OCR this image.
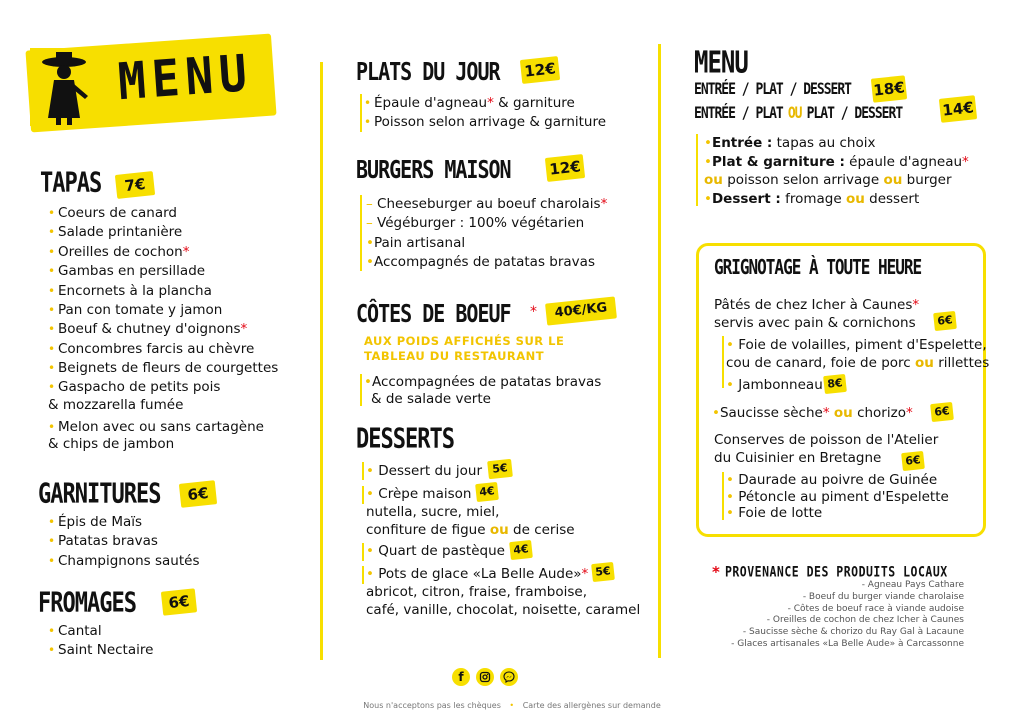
MENU
TAPAS	7€
• Coeurs de canard
• Salade printanière
• Oreilles de cochon*
• Gambas en persillade
• Encornets à la plancha
• Pan con tomate y jamon
• Boeuf & chutney d'oignons*
• Concombres farcis au chèvre
• Beignets de fleurs de courgettes
• Gaspacho de petits pois
& mozzarella fumée
• Melon avec ou sans cartagène
& chips de jambon
GARNITURES	6€
• Épis de Maïs
• Patatas bravas
• Champignons sautés
FROMAGES	6€
• Cantal
• Saint Nectaire
PLATS DU JOUR 12€
• Épaule d'agneau* & garniture
• Poisson selon arrivage & garniture
BURGERS MAISON	12€
– Cheeseburger au boeuf charolais*
– Végéburger : 100% végétarien
•Pain artisanal
•Accompagnés de patatas bravas
CÔTES DE BOEUF *	40€/KG
AUX POIDS AFFICHÉS SUR LE
TABLEAU DU RESTAURANT
•Accompagnées de patatas bravas
& de salade verte
DESSERTS
• Dessert du jour 5€
• Crèpe maison 4€
nutella, sucre, miel,
confiture de figue ou de cerise
• Quart de pastèque 4€
• Pots de glace «La Belle Aude»* 5€
abricot, citron, fraise, framboise,
café, vanille, chocolat, noisette, caramel
MENU
ENTRÉE / PLAT / DESSERT 18€
ENTRÉE / PLAT OU PLAT / DESSERT	14€
•Entrée : tapas au choix
•Plat & garniture : épaule d'agneau*
ou poisson selon arrivage ou burger
•Dessert : fromage ou dessert
GRIGNOTAGE À TOUTE HEURE
Pâtés de chez Icher à Caunes*
servis avec pain & cornichons	6€
• Foie de volailles, piment d'Espelette,
cou de canard, foie de porc ou rillettes
• Jambonneau 8€
•Saucisse sèche* ou chorizo*	6€
Conserves de poisson de l'Atelier
du Cuisinier en Bretagne	6€
• Daurade au poivre de Guinée
• Pétoncle au piment d'Espelette
• Foie de lotte
* PROVENANCE DES PRODUITS LOCAUX
- Agneau Pays Cathare
- Boeuf du burger viande charolaise
- Côtes de boeuf race à viande audoise
- Oreilles de cochon de chez Icher à Caunes
- Saucisse sèche & chorizo du Ray Gal à Lacaune
- Glaces artisanales «La Belle Aude» à Carcassonne
f
Nous n'acceptons pas les chèques • Carte des allergènes sur demande
